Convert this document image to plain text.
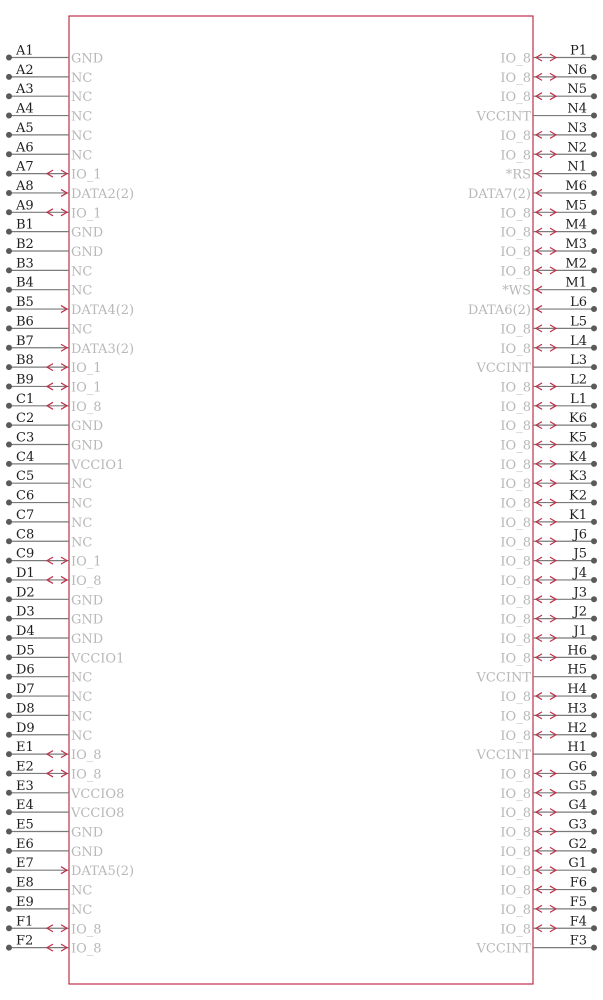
A1
GND
A2
NC
A3
NC
A4
NC
A5
NC
A6
NC
A7
IO_1
A8
DATA2(2)
A9
IO_1
B1
GND
B2
GND
B3
NC
B4
NC
B5
DATA4(2)
B6
NC
B7
DATA3(2)
B8
IO_1
B9
IO_1
C1
IO_8
C2
GND
C3
GND
C4
VCCIO1
C5
NC
C6
NC
C7
NC
C8
NC
C9
IO_1
D1
IO_8
D2
GND
D3
GND
D4
GND
D5
VCCIO1
D6
NC
D7
NC
D8
NC
D9
NC
E1
IO_8
E2
IO_8
E3
VCCIO8
E4
VCCIO8
E5
GND
E6
GND
E7
DATA5(2)
E8
NC
E9
NC
F1
IO_8
F2
IO_8
P1
IO_8
N6
IO_8
N5
IO_8
N4
VCCINT
N3
IO_8
N2
IO_8
N1
*RS
M6
DATA7(2)
M5
IO_8
M4
IO_8
M3
IO_8
M2
IO_8
M1
*WS
L6
DATA6(2)
L5
IO_8
L4
IO_8
L3
VCCINT
L2
IO_8
L1
IO_8
K6
IO_8
K5
IO_8
K4
IO_8
K3
IO_8
K2
IO_8
K1
IO_8
J6
IO_8
J5
IO_8
J4
IO_8
J3
IO_8
J2
IO_8
J1
IO_8
H6
IO_8
H5
VCCINT
H4
IO_8
H3
IO_8
H2
IO_8
H1
VCCINT
G6
IO_8
G5
IO_8
G4
IO_8
G3
IO_8
G2
IO_8
G1
IO_8
F6
IO_8
F5
IO_8
F4
IO_8
F3
VCCINT
